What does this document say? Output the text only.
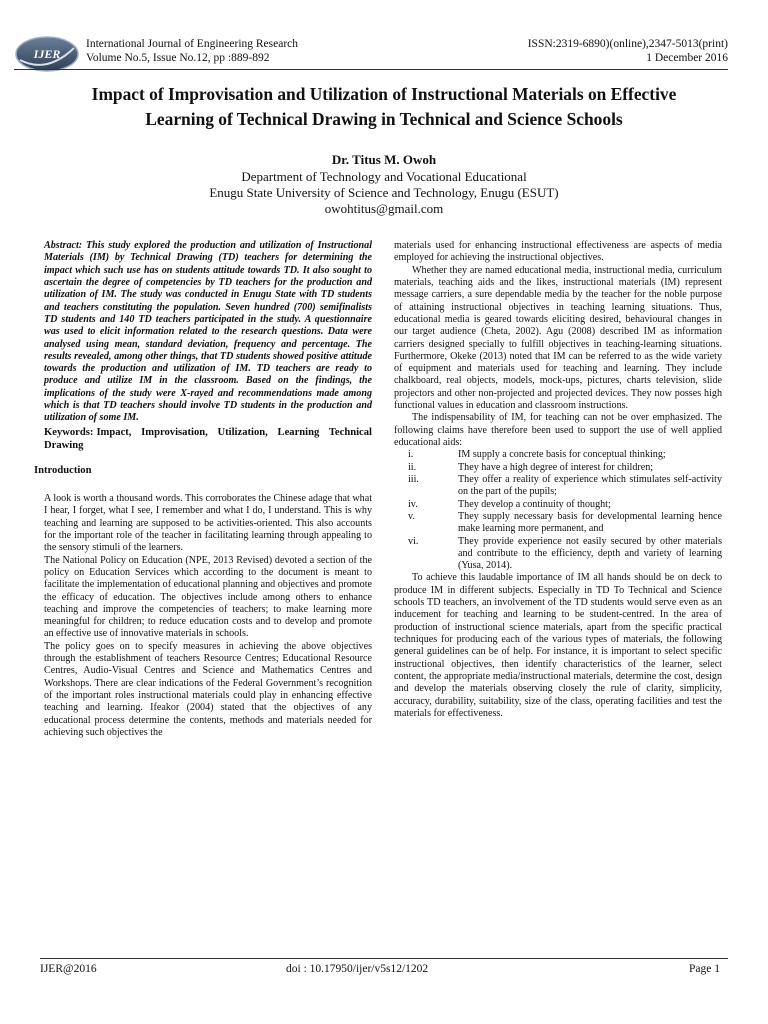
IJER
International Journal of Engineering Research
Volume No.5, Issue No.12, pp :889-892
ISSN:2319-6890)(online),2347-5013(print)
1 December 2016
Impact of Improvisation and Utilization of Instructional Materials on Effective
Learning of Technical Drawing in Technical and Science Schools
Dr. Titus M. Owoh
Department of Technology and Vocational Educational
Enugu State University of Science and Technology, Enugu (ESUT)
owohtitus@gmail.com

Abstract: This study explored the production and utilization of Instructional Materials (IM) by Technical Drawing (TD) teachers for determining the impact which such use has on students attitude towards TD. It also sought to ascertain the degree of competencies by TD teachers for the production and utilization of IM. The study was conducted in Enugu State with TD students and teachers constituting the population. Seven hundred (700) semifinalists TD students and 140 TD teachers participated in the study. A questionnaire was used to elicit information related to the research questions. Data were analysed using mean, standard deviation, frequency and percentage. The results revealed, among other things, that TD students showed positive attitude towards the production and utilization of IM. TD teachers are ready to produce and utilize IM in the classroom. Based on the findings, the implications of the study were X-rayed and recommendations made among which is that TD teachers should involve TD students in the production and utilization of some IM.

Keywords: Impact, Improvisation, Utilization, Learning Technical Drawing

Introduction

A look is worth a thousand words. This corroborates the Chinese adage that what I hear, I forget, what I see, I remember and what I do, I understand. This is why teaching and learning are supposed to be activities-oriented. This also accounts for the important role of the teacher in facilitating learning through appealing to the sensory stimuli of the learners.

The National Policy on Education (NPE, 2013 Revised) devoted a section of the policy on Education Services which according to the document is meant to facilitate the implementation of educational planning and objectives and promote the efficacy of education. The objectives include among others to enhance teaching and improve the competencies of teachers; to make learning more meaningful for children; to reduce education costs and to develop and promote an effective use of innovative materials in schools.

The policy goes on to specify measures in achieving the above objectives through the establishment of teachers Resource Centres; Educational Resource Centres, Audio-Visual Centres and Science and Mathematics Centres and Workshops. There are clear indications of the Federal Government’s recognition of the important roles instructional materials could play in enhancing effective teaching and learning. Ifeakor (2004) stated that the objectives of any educational process determine the contents, methods and materials needed for achieving such objectives the

materials used for enhancing instructional effectiveness are aspects of media employed for achieving the instructional objectives.

Whether they are named educational media, instructional media, curriculum materials, teaching aids and the likes, instructional materials (IM) represent message carriers, a sure dependable media by the teacher for the noble purpose of attaining instructional objectives in teaching learning situations. Thus, educational media is geared towards eliciting desired, behavioural changes in our target audience (Cheta, 2002). Agu (2008) described IM as information carriers designed specially to fulfill objectives in teaching-learning situations. Furthermore, Okeke (2013) noted that IM can be referred to as the wide variety of equipment and materials used for teaching and learning. They include chalkboard, real objects, models, mock-ups, pictures, charts television, slide projectors and other non-projected and projected devices. They now posses high functional values in education and classroom instructions.

The indispensability of IM, for teaching can not be over emphasized. The following claims have therefore been used to support the use of well applied educational aids:

i.	IM supply a concrete basis for conceptual thinking;
ii.	They have a high degree of interest for children;
iii.	They offer a reality of experience which stimulates self-activity on the part of the pupils;
iv.	They develop a continuity of thought;
v.	They supply necessary basis for developmental learning hence make learning more permanent, and
vi.	They provide experience not easily secured by other materials and contribute to the efficiency, depth and variety of learning (Yusa, 2014).

To achieve this laudable importance of IM all hands should be on deck to produce IM in different subjects. Especially in TD To Technical and Science schools TD teachers, an involvement of the TD students would serve even as an inducement for teaching and learning to be student-centred. In the area of production of instructional science materials, apart from the specific practical techniques for producing each of the various types of materials, the following general guidelines can be of help. For instance, it is important to select specific instructional objectives, then identify characteristics of the learner, select content, the appropriate media/instructional materials, determine the cost, design and develop the materials observing closely the rule of clarity, simplicity, accuracy, durability, suitability, size of the class, operating facilities and test the materials for effectiveness.

IJER@2016	doi : 10.17950/ijer/v5s12/1202	Page 1
